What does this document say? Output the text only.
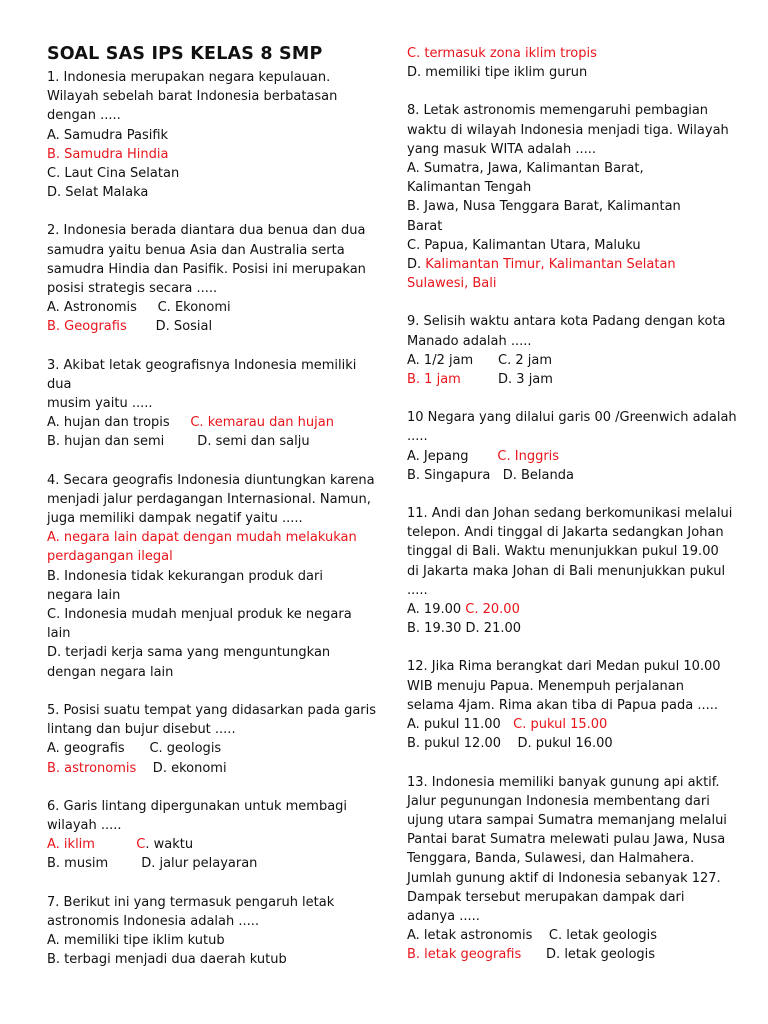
SOAL SAS IPS KELAS 8 SMP
1. Indonesia merupakan negara kepulauan.
Wilayah sebelah barat Indonesia berbatasan
dengan .....
A. Samudra Pasifik
B. Samudra Hindia
C. Laut Cina Selatan
D. Selat Malaka
2. Indonesia berada diantara dua benua dan dua
samudra yaitu benua Asia dan Australia serta
samudra Hindia dan Pasifik. Posisi ini merupakan
posisi strategis secara .....
A. Astronomis     C. Ekonomi
B. Geografis       D. Sosial
3. Akibat letak geografisnya Indonesia memiliki
dua
musim yaitu .....
A. hujan dan tropis     C. kemarau dan hujan
B. hujan dan semi        D. semi dan salju
4. Secara geografis Indonesia diuntungkan karena
menjadi jalur perdagangan Internasional. Namun,
juga memiliki dampak negatif yaitu .....
A. negara lain dapat dengan mudah melakukan
perdagangan ilegal
B. Indonesia tidak kekurangan produk dari
negara lain
C. Indonesia mudah menjual produk ke negara
lain
D. terjadi kerja sama yang menguntungkan
dengan negara lain
5. Posisi suatu tempat yang didasarkan pada garis
lintang dan bujur disebut .....
A. geografis      C. geologis
B. astronomis    D. ekonomi
6. Garis lintang dipergunakan untuk membagi
wilayah .....
A. iklim	C. waktu
B. musim        D. jalur pelayaran
7. Berikut ini yang termasuk pengaruh letak
astronomis Indonesia adalah .....
A. memiliki tipe iklim kutub
B. terbagi menjadi dua daerah kutub
C. termasuk zona iklim tropis
D. memiliki tipe iklim gurun
8. Letak astronomis memengaruhi pembagian
waktu di wilayah Indonesia menjadi tiga. Wilayah
yang masuk WITA adalah .....
A. Sumatra, Jawa, Kalimantan Barat,
Kalimantan Tengah
B. Jawa, Nusa Tenggara Barat, Kalimantan
Barat
C. Papua, Kalimantan Utara, Maluku
D. Kalimantan Timur, Kalimantan Selatan
Sulawesi, Bali
9. Selisih waktu antara kota Padang dengan kota
Manado adalah .....
A. 1/2 jam      C. 2 jam
B. 1 jam         D. 3 jam
10 Negara yang dilalui garis 00 /Greenwich adalah
.....
A. Jepang       C. Inggris
B. Singapura   D. Belanda
11. Andi dan Johan sedang berkomunikasi melalui
telepon. Andi tinggal di Jakarta sedangkan Johan
tinggal di Bali. Waktu menunjukkan pukul 19.00
di Jakarta maka Johan di Bali menunjukkan pukul
.....
A. 19.00 C. 20.00
B. 19.30 D. 21.00
12. Jika Rima berangkat dari Medan pukul 10.00
WIB menuju Papua. Menempuh perjalanan
selama 4jam. Rima akan tiba di Papua pada .....
A. pukul 11.00   C. pukul 15.00
B. pukul 12.00    D. pukul 16.00
13. Indonesia memiliki banyak gunung api aktif.
Jalur pegunungan Indonesia membentang dari
ujung utara sampai Sumatra memanjang melalui
Pantai barat Sumatra melewati pulau Jawa, Nusa
Tenggara, Banda, Sulawesi, dan Halmahera.
Jumlah gunung aktif di Indonesia sebanyak 127.
Dampak tersebut merupakan dampak dari
adanya .....
A. letak astronomis    C. letak geologis
B. letak geografis      D. letak geologis
